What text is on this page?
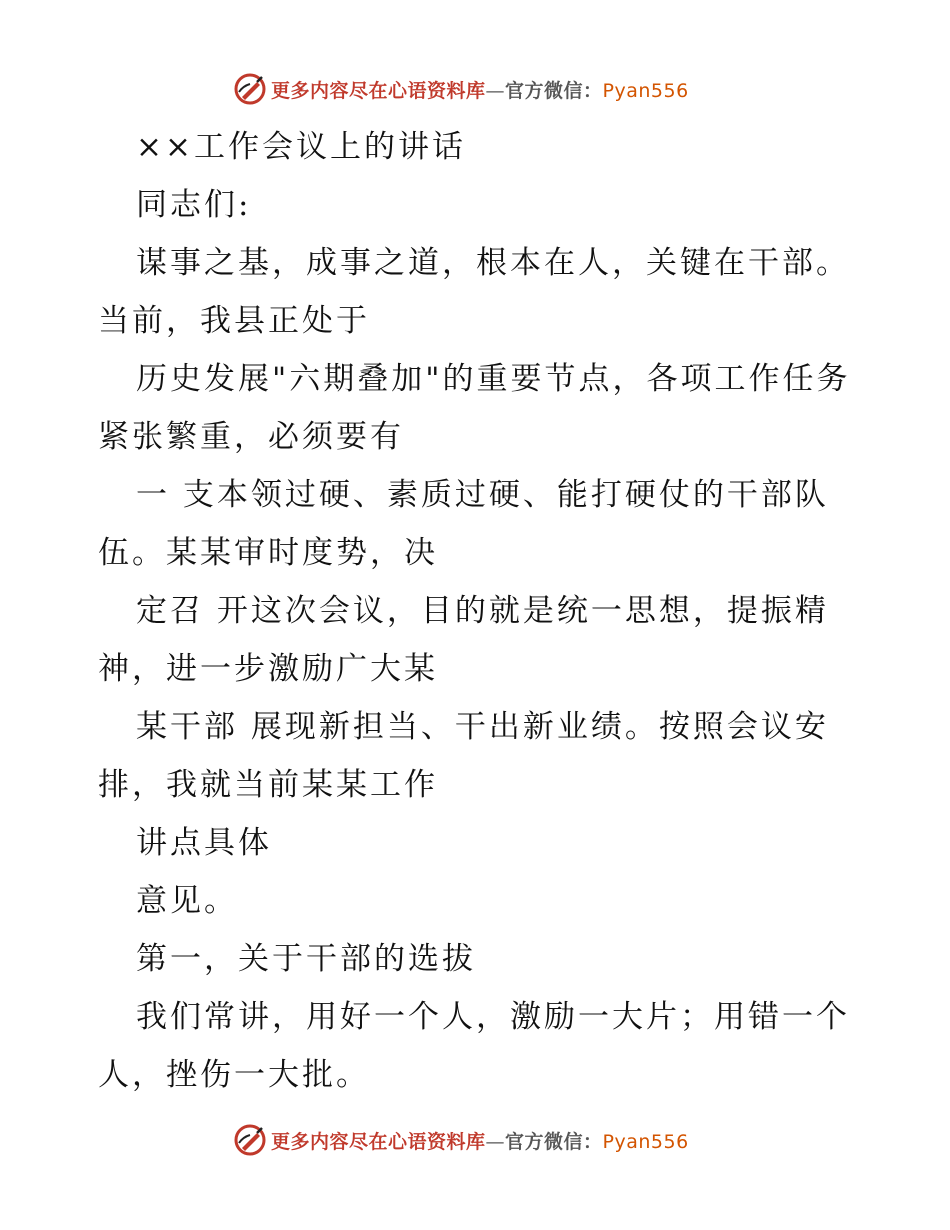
更多内容尽在心语资料库—官方微信：Pyan556

××工作会议上的讲话

同志们:

谋事之基，成事之道，根本在人，关键在干部。当前，我县正处于

历史发展"六期叠加"的重要节点，各项工作任务紧张繁重，必须要有

一 支本领过硬、素质过硬、能打硬仗的干部队伍。某某审时度势，决

定召 开这次会议，目的就是统一思想，提振精神，进一步激励广大某

某干部 展现新担当、干出新业绩。按照会议安排，我就当前某某工作

讲点具体

意见。

第一，关于干部的选拔

我们常讲，用好一个人，激励一大片；用错一个人，挫伤一大批。

更多内容尽在心语资料库—官方微信：Pyan556
